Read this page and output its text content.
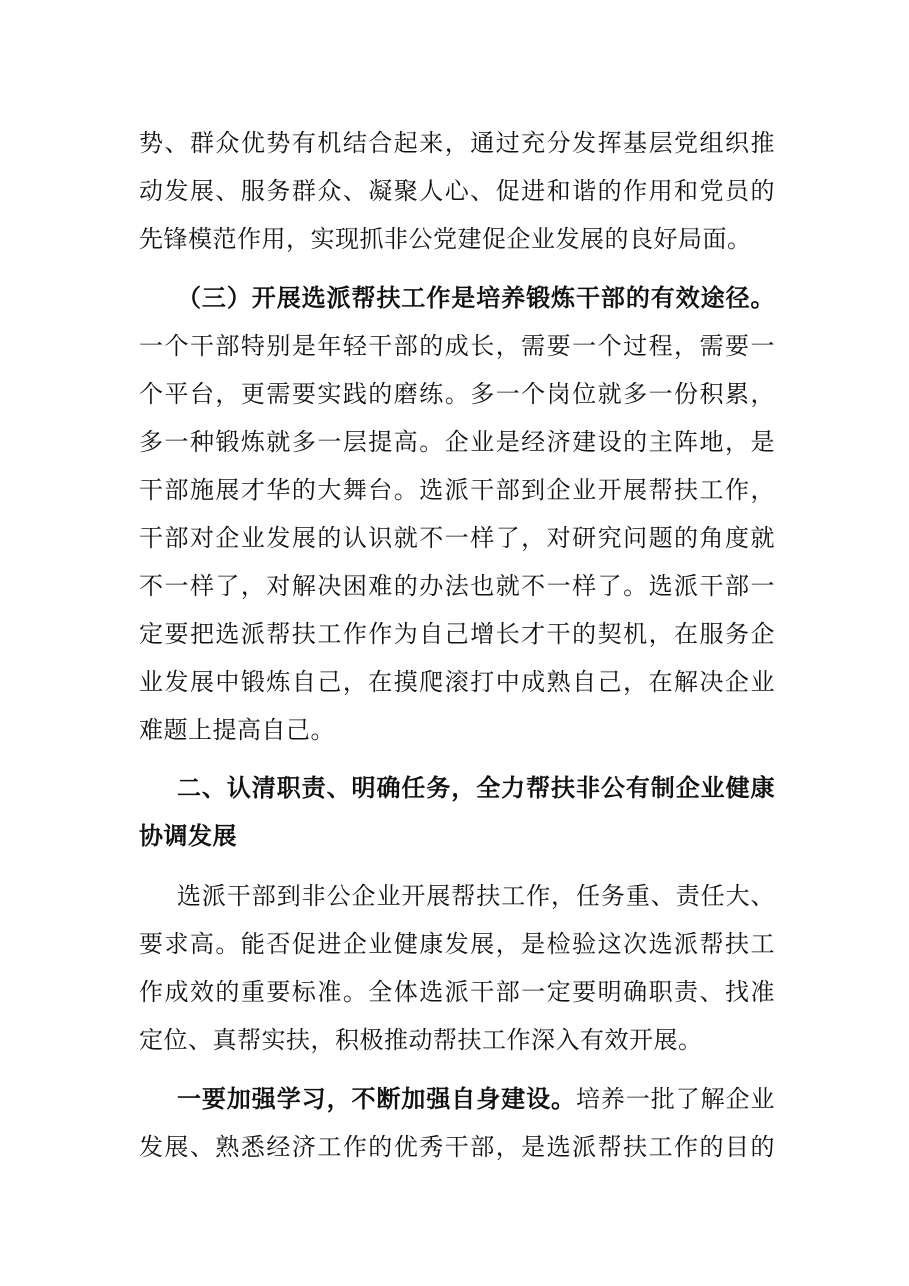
势、群众优势有机结合起来，通过充分发挥基层党组织推
动发展、服务群众、凝聚人心、促进和谐的作用和党员的
先锋模范作用，实现抓非公党建促企业发展的良好局面。
（三）开展选派帮扶工作是培养锻炼干部的有效途径。
一个干部特别是年轻干部的成长，需要一个过程，需要一
个平台，更需要实践的磨练。多一个岗位就多一份积累，
多一种锻炼就多一层提高。企业是经济建设的主阵地，是
干部施展才华的大舞台。选派干部到企业开展帮扶工作，
干部对企业发展的认识就不一样了，对研究问题的角度就
不一样了，对解决困难的办法也就不一样了。选派干部一
定要把选派帮扶工作作为自己增长才干的契机，在服务企
业发展中锻炼自己，在摸爬滚打中成熟自己，在解决企业
难题上提高自己。
二、认清职责、明确任务，全力帮扶非公有制企业健康
协调发展
选派干部到非公企业开展帮扶工作，任务重、责任大、
要求高。能否促进企业健康发展，是检验这次选派帮扶工
作成效的重要标准。全体选派干部一定要明确职责、找准
定位、真帮实扶，积极推动帮扶工作深入有效开展。
一要加强学习，不断加强自身建设。培养一批了解企业
发展、熟悉经济工作的优秀干部，是选派帮扶工作的目的
